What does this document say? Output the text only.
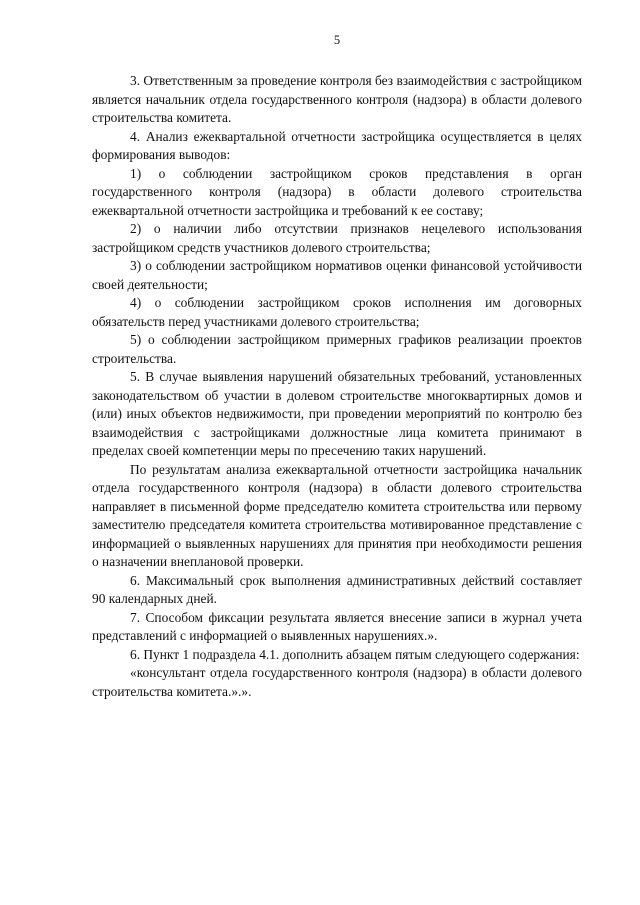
5

3. Ответственным за проведение контроля без взаимодействия с застройщиком является начальник отдела государственного контроля (надзора) в области долевого строительства комитета.

4. Анализ ежеквартальной отчетности застройщика осуществляется в целях формирования выводов:

1) о соблюдении застройщиком сроков представления в орган государственного контроля (надзора) в области долевого строительства ежеквартальной отчетности застройщика и требований к ее составу;

2) о наличии либо отсутствии признаков нецелевого использования застройщиком средств участников долевого строительства;

3) о соблюдении застройщиком нормативов оценки финансовой устойчивости своей деятельности;

4) о соблюдении застройщиком сроков исполнения им договорных обязательств перед участниками долевого строительства;

5) о соблюдении застройщиком примерных графиков реализации проектов строительства.

5. В случае выявления нарушений обязательных требований, установленных законодательством об участии в долевом строительстве многоквартирных домов и (или) иных объектов недвижимости, при проведении мероприятий по контролю без взаимодействия с застройщиками должностные лица комитета принимают в пределах своей компетенции меры по пресечению таких нарушений.

По результатам анализа ежеквартальной отчетности застройщика начальник отдела государственного контроля (надзора) в области долевого строительства направляет в письменной форме председателю комитета строительства или первому заместителю председателя комитета строительства мотивированное представление с информацией о выявленных нарушениях для принятия при необходимости решения о назначении внеплановой проверки.

6. Максимальный срок выполнения административных действий составляет 90 календарных дней.

7. Способом фиксации результата является внесение записи в журнал учета представлений с информацией о выявленных нарушениях.».

6. Пункт 1 подраздела 4.1. дополнить абзацем пятым следующего содержания:

«консультант отдела государственного контроля (надзора) в области долевого строительства комитета.».».
